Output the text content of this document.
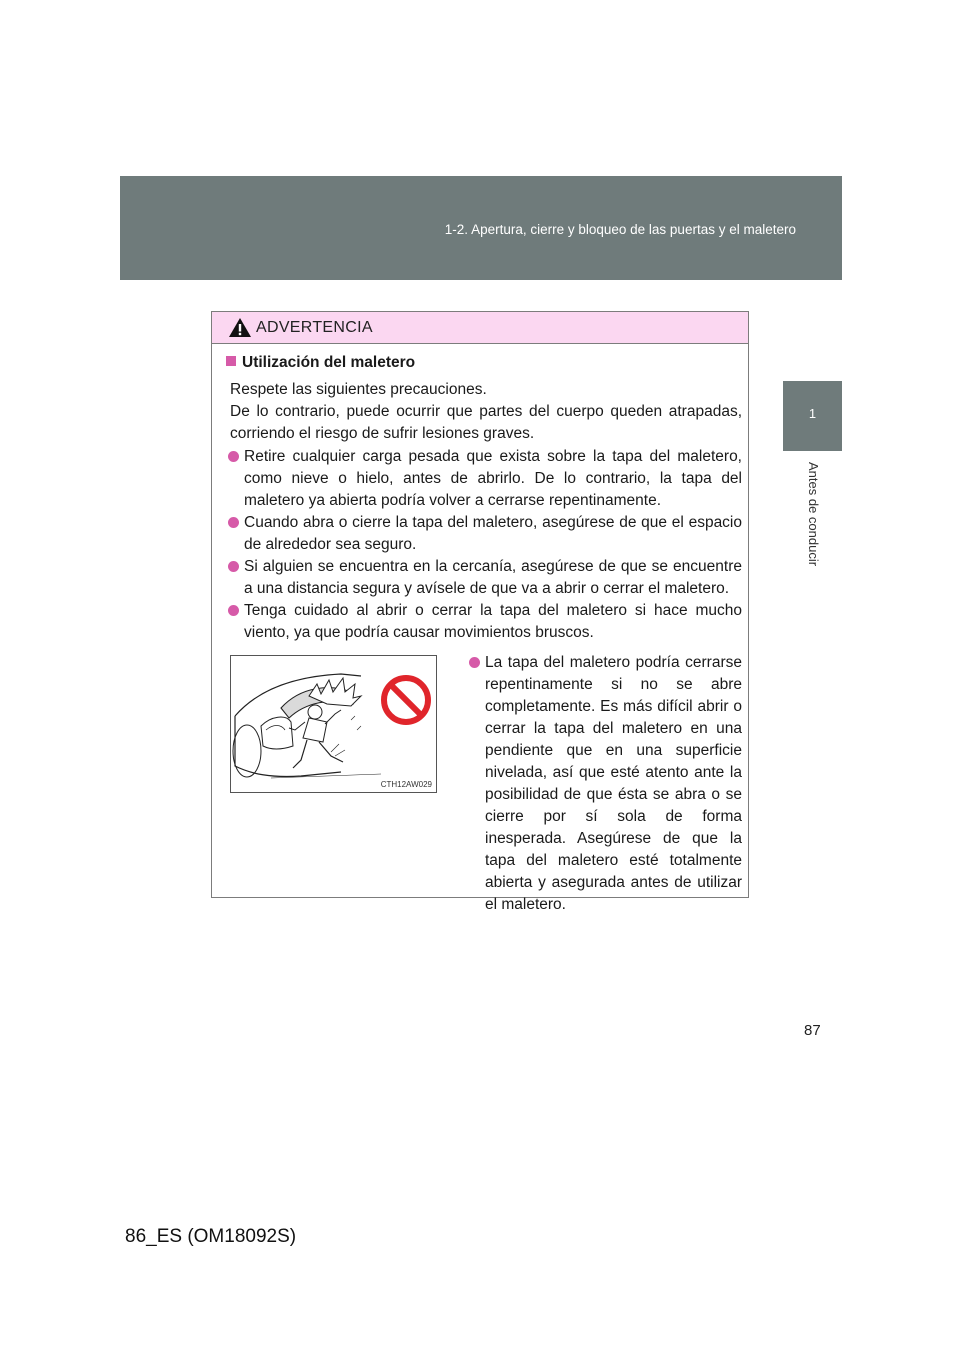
1-2. Apertura, cierre y bloqueo de las puertas y el maletero
1
Antes de conducir
ADVERTENCIA
Utilización del maletero
Respete las siguientes precauciones.
De lo contrario, puede ocurrir que partes del cuerpo queden atrapadas, corriendo el riesgo de sufrir lesiones graves.
Retire cualquier carga pesada que exista sobre la tapa del maletero, como nieve o hielo, antes de abrirlo. De lo contrario, la tapa del maletero ya abierta podría volver a cerrarse repentinamente.
Cuando abra o cierre la tapa del maletero, asegúrese de que el espacio de alrededor sea seguro.
Si alguien se encuentra en la cercanía, asegúrese de que se encuentre a una distancia segura y avísele de que va a abrir o cerrar el maletero.
Tenga cuidado al abrir o cerrar la tapa del maletero si hace mucho viento, ya que podría causar movimientos bruscos.
CTH12AW029
La tapa del maletero podría cerrarse repentinamente si no se abre completamente. Es más difícil abrir o cerrar la tapa del maletero en una pendiente que en una superficie nivelada, así que esté atento ante la posibilidad de que ésta se abra o se cierre por sí sola de forma inesperada. Asegúrese de que la tapa del maletero esté totalmente abierta y asegurada antes de utilizar el maletero.
87
86_ES (OM18092S)
